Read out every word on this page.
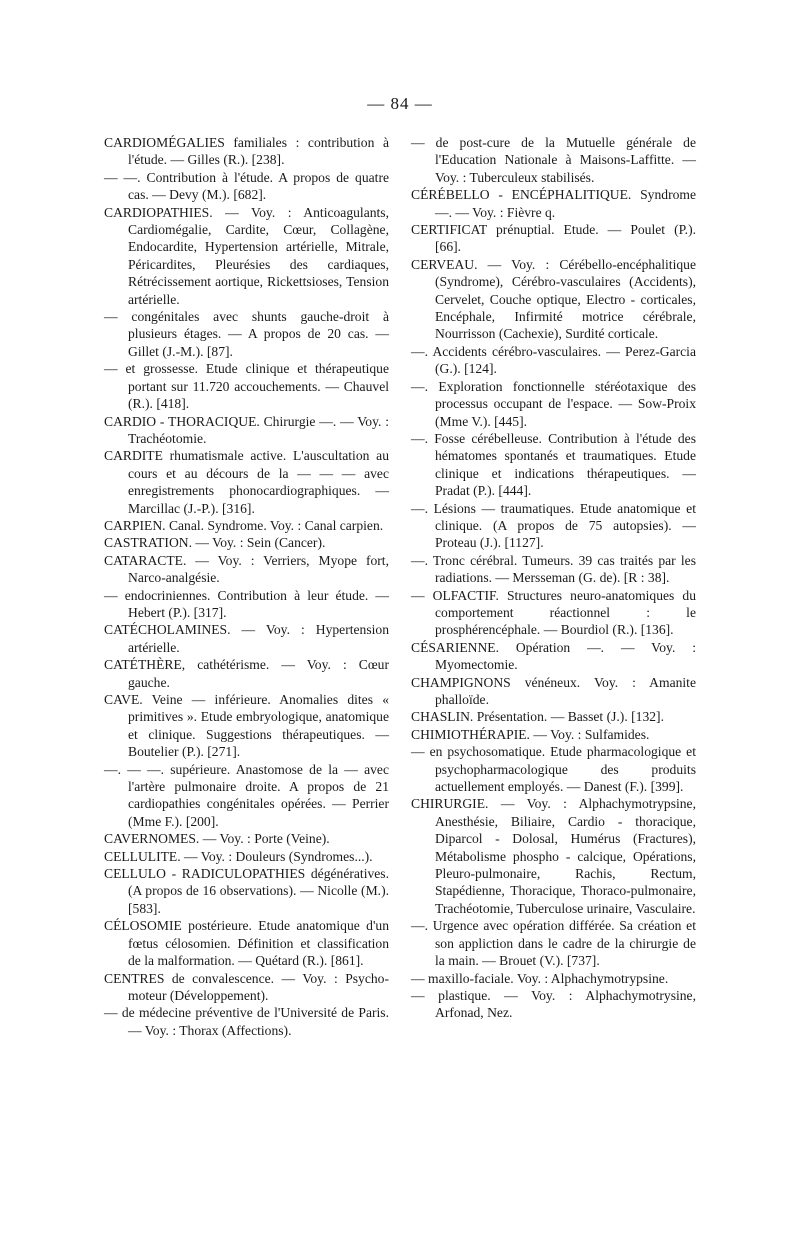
— 84 —

CARDIOMÉGALIES familiales : contribution à l'étude. — Gilles (R.). [238].

— —. Contribution à l'étude. A propos de quatre cas. — Devy (M.). [682].

CARDIOPATHIES. — Voy. : Anticoagulants, Cardiomégalie, Cardite, Cœur, Collagène, Endocardite, Hypertension artérielle, Mitrale, Péricardites, Pleurésies des cardiaques, Rétrécissement aortique, Rickettsioses, Tension artérielle.

— congénitales avec shunts gauche-droit à plusieurs étages. — A propos de 20 cas. — Gillet (J.-M.). [87].

— et grossesse. Etude clinique et thérapeutique portant sur 11.720 accouchements. — Chauvel (R.). [418].

CARDIO - THORACIQUE. Chirurgie —. — Voy. : Trachéotomie.

CARDITE rhumatismale active. L'auscultation au cours et au décours de la — — — avec enregistrements phonocardiographiques. — Marcillac (J.-P.). [316].

CARPIEN. Canal. Syndrome. Voy. : Canal carpien.

CASTRATION. — Voy. : Sein (Cancer).

CATARACTE. — Voy. : Verriers, Myope fort, Narco-analgésie.

— endocriniennes. Contribution à leur étude. — Hebert (P.). [317].

CATÉCHOLAMINES. — Voy. : Hypertension artérielle.

CATÉTHÈRE, cathétérisme. — Voy. : Cœur gauche.

CAVE. Veine — inférieure. Anomalies dites « primitives ». Etude embryologique, anatomique et clinique. Suggestions thérapeutiques. — Boutelier (P.). [271].

—. — —. supérieure. Anastomose de la — avec l'artère pulmonaire droite. A propos de 21 cardiopathies congénitales opérées. — Perrier (Mme F.). [200].

CAVERNOMES. — Voy. : Porte (Veine).

CELLULITE. — Voy. : Douleurs (Syndromes...).

CELLULO - RADICULOPATHIES dégénératives. (A propos de 16 observations). — Nicolle (M.). [583].

CÉLOSOMIE postérieure. Etude anatomique d'un fœtus célosomien. Définition et classification de la malformation. — Quétard (R.). [861].

CENTRES de convalescence. — Voy. : Psycho-moteur (Développement).

— de médecine préventive de l'Université de Paris. — Voy. : Thorax (Affections).

— de post-cure de la Mutuelle générale de l'Education Nationale à Maisons-Laffitte. — Voy. : Tuberculeux stabilisés.

CÉRÉBELLO - ENCÉPHALITIQUE. Syndrome —. — Voy. : Fièvre q.

CERTIFICAT prénuptial. Etude. — Poulet (P.). [66].

CERVEAU. — Voy. : Cérébello-encéphalitique (Syndrome), Cérébro-vasculaires (Accidents), Cervelet, Couche optique, Electro - corticales, Encéphale, Infirmité motrice cérébrale, Nourrisson (Cachexie), Surdité corticale.

—. Accidents cérébro-vasculaires. — Perez-Garcia (G.). [124].

—. Exploration fonctionnelle stéréotaxique des processus occupant de l'espace. — Sow-Proix (Mme V.). [445].

—. Fosse cérébelleuse. Contribution à l'étude des hématomes spontanés et traumatiques. Etude clinique et indications thérapeutiques. — Pradat (P.). [444].

—. Lésions — traumatiques. Etude anatomique et clinique. (A propos de 75 autopsies). — Proteau (J.). [1127].

—. Tronc cérébral. Tumeurs. 39 cas traités par les radiations. — Mersseman (G. de). [R : 38].

— OLFACTIF. Structures neuro-anatomiques du comportement réactionnel : le prosphérencéphale. — Bourdiol (R.). [136].

CÉSARIENNE. Opération —. — Voy. : Myomectomie.

CHAMPIGNONS vénéneux. Voy. : Amanite phalloïde.

CHASLIN. Présentation. — Basset (J.). [132].

CHIMIOTHÉRAPIE. — Voy. : Sulfamides.

— en psychosomatique. Etude pharmacologique et psychopharmacologique des produits actuellement employés. — Danest (F.). [399].

CHIRURGIE. — Voy. : Alphachymotrypsine, Anesthésie, Biliaire, Cardio - thoracique, Diparcol - Dolosal, Humérus (Fractures), Métabolisme phospho - calcique, Opérations, Pleuro-pulmonaire, Rachis, Rectum, Stapédienne, Thoracique, Thoraco-pulmonaire, Trachéotomie, Tuberculose urinaire, Vasculaire.

—. Urgence avec opération différée. Sa création et son appliction dans le cadre de la chirurgie de la main. — Brouet (V.). [737].

— maxillo-faciale. Voy. : Alphachymotrypsine.

— plastique. — Voy. : Alphachymotrysine, Arfonad, Nez.
